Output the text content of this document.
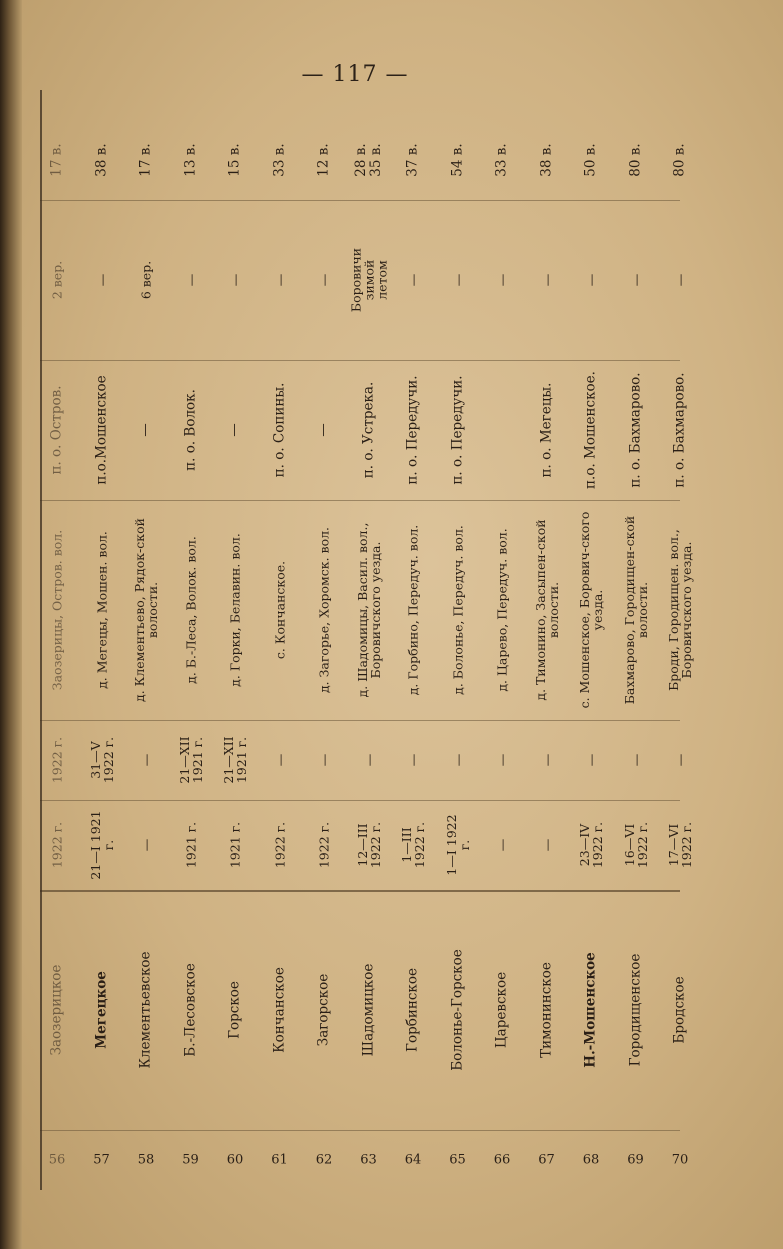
— 117 —
56
Заозерицкое
1922 г.
1922 г.
Заозерицы, Остров. вол.
п. о. Остров.
2 вер.
17 в.
57
Мегецкое
21—I 1921 г.
31—V 1922 г.
д. Мегецы, Мошен. вол.
п.о.Мошенское
—
38 в.
58
Клементьевское
—
—
д. Клементьево, Рядок-ской волости.
—
6 вер.
17 в.
59
Б.-Лесовское
1921 г.
21—XII 1921 г.
д. Б.-Леса, Волок. вол.
п. о. Волок.
—
13 в.
60
Горское
1921 г.
21—XII 1921 г.
д. Горки, Белавин. вол.
—
—
15 в.
61
Кончанское
1922 г.
—
с. Кончанское.
п. о. Сопины.
—
33 в.
62
Загорское
1922 г.
—
д. Загорье, Хоромск. вол.
—
—
12 в.
63
Шадомицкое
12—III 1922 г.
—
д. Шадомицы, Васил. вол., Боровичского уезда.
п. о. Устрека.
Боровичи зимой летом
28 в. 35 в.
64
Горбинское
1—III 1922 г.
—
д. Горбино, Передуч. вол.
п. о. Передучи.
—
37 в.
65
Болонье-Горское
1—I 1922 г.
—
д. Болонье, Передуч. вол.
п. о. Передучи.
—
54 в.
66
Царевское
—
—
д. Царево, Передуч. вол.
—
33 в.
67
Тимонинское
—
—
д. Тимонино, Засыпен-ской волости.
п. о. Мегецы.
—
38 в.
68
Н.-Мошенское
23—IV 1922 г.
—
с. Мошенское, Борович-ского уезда.
п.о. Мошенское.
—
50 в.
69
Городищенское
16—VI 1922 г.
—
Бахмарово, Городищен-ской волости.
п. о. Бахмарово.
—
80 в.
70
Бродское
17—VI 1922 г.
—
Броди, Городищен. вол., Боровичского уезда.
п. о. Бахмарово.
—
80 в.
